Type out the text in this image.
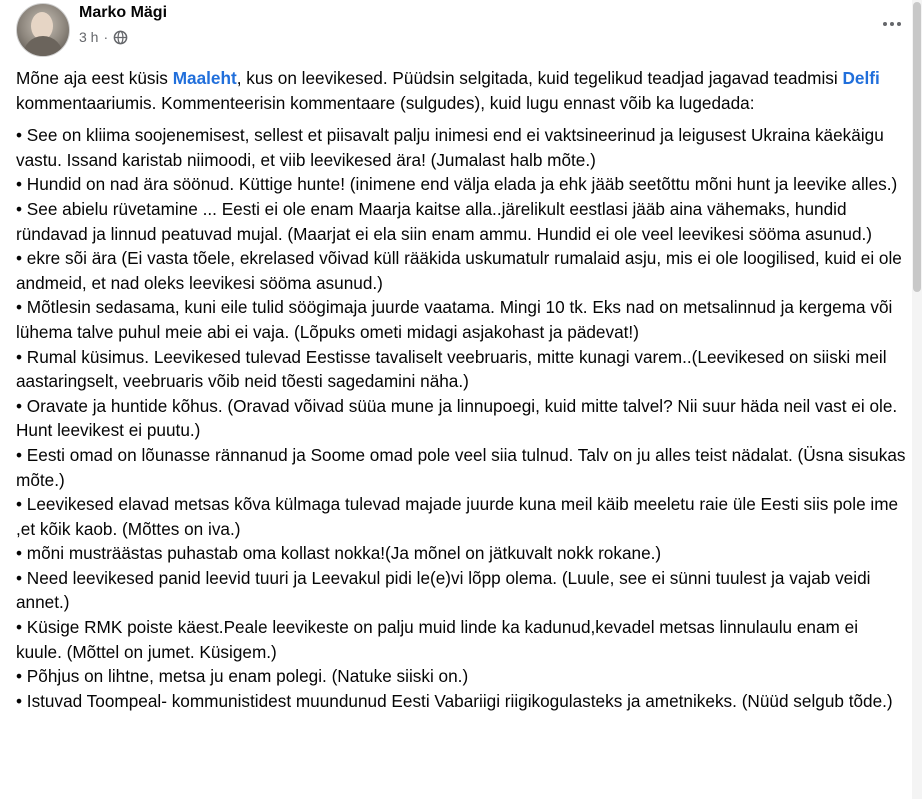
Marko Mägi
3 h ·

Mõne aja eest küsis Maaleht, kus on leevikesed. Püüdsin selgitada, kuid tegelikud teadjad jagavad teadmisi Delfi kommentaariumis. Kommenteerisin kommentaare (sulgudes), kuid lugu ennast võib ka lugedada:

• See on kliima soojenemisest, sellest et piisavalt palju inimesi end ei vaktsineerinud ja leigusest Ukraina käekäigu vastu. Issand karistab niimoodi, et viib leevikesed ära! (Jumalast halb mõte.)

• Hundid on nad ära söönud. Küttige hunte! (inimene end välja elada ja ehk jääb seetõttu mõni hunt ja leevike alles.)

• See abielu rüvetamine ... Eesti ei ole enam Maarja kaitse alla..järelikult eestlasi jääb aina vähemaks, hundid ründavad ja linnud peatuvad mujal. (Maarjat ei ela siin enam ammu. Hundid ei ole veel leevikesi sööma asunud.)

• ekre sõi ära (Ei vasta tõele, ekrelased võivad küll rääkida uskumatulr rumalaid asju, mis ei ole loogilised, kuid ei ole andmeid, et nad oleks leevikesi sööma asunud.)

• Mõtlesin sedasama, kuni eile tulid söögimaja juurde vaatama. Mingi 10 tk. Eks nad on metsalinnud ja kergema või lühema talve puhul meie abi ei vaja. (Lõpuks ometi midagi asjakohast ja pädevat!)

• Rumal küsimus. Leevikesed tulevad Eestisse tavaliselt veebruaris, mitte kunagi varem..(Leevikesed on siiski meil aastaringselt, veebruaris võib neid tõesti sagedamini näha.)

• Oravate ja huntide kõhus. (Oravad võivad süüa mune ja linnupoegi, kuid mitte talvel? Nii suur häda neil vast ei ole. Hunt leevikest ei puutu.)

• Eesti omad on lõunasse rännanud ja Soome omad pole veel siia tulnud. Talv on ju alles teist nädalat. (Üsna sisukas mõte.)

• Leevikesed elavad metsas kõva külmaga tulevad majade juurde kuna meil käib meeletu raie üle Eesti siis pole ime ,et kõik kaob. (Mõttes on iva.)

• mõni musträästas puhastab oma kollast nokka!(Ja mõnel on jätkuvalt nokk rokane.)

• Need leevikesed panid leevid tuuri ja Leevakul pidi le(e)vi lõpp olema. (Luule, see ei sünni tuulest ja vajab veidi annet.)

• Küsige RMK poiste käest.Peale leevikeste on palju muid linde ka kadunud,kevadel metsas linnulaulu enam ei kuule. (Mõttel on jumet. Küsigem.)

• Põhjus on lihtne, metsa ju enam polegi. (Natuke siiski on.)

• Istuvad Toompeal- kommunistidest muundunud Eesti Vabariigi riigikogulasteks ja ametnikeks. (Nüüd selgub tõde.)
